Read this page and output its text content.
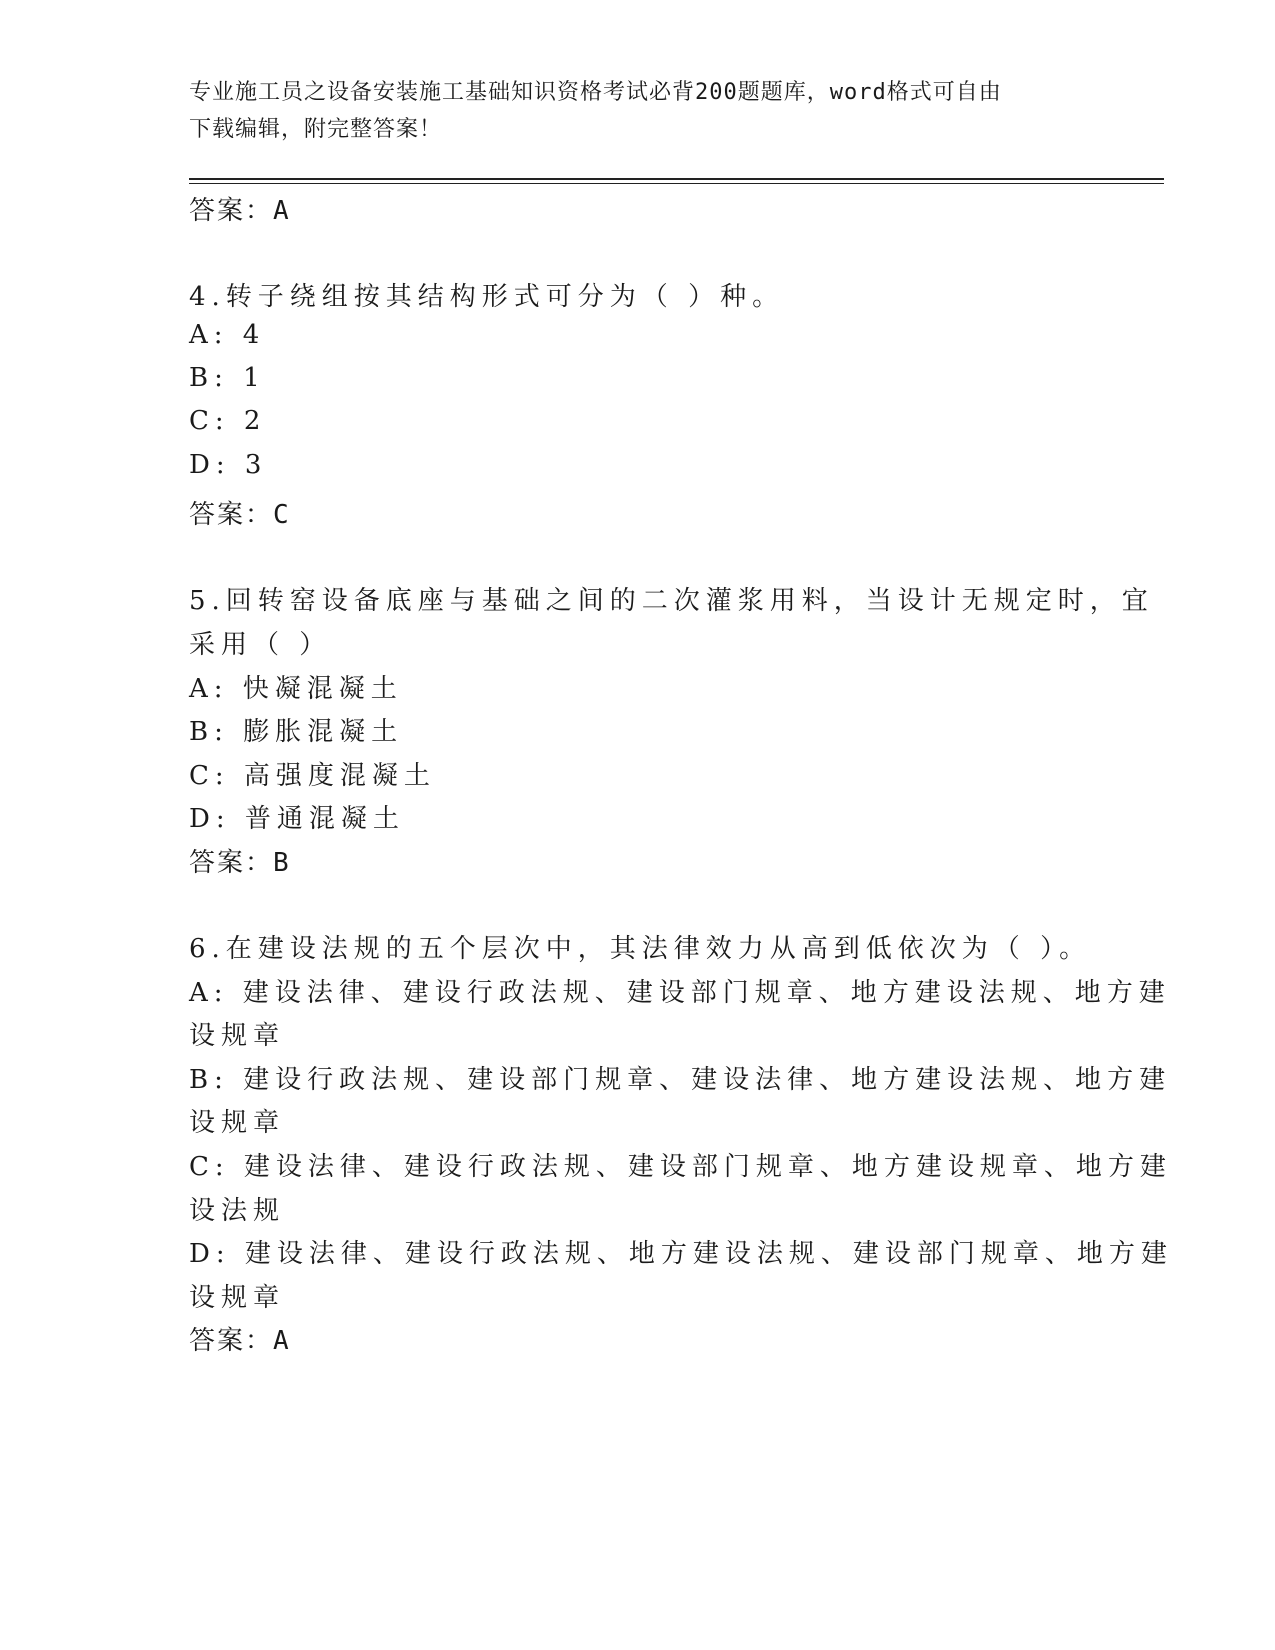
专业施工员之设备安装施工基础知识资格考试必背200题题库，word格式可自由
下载编辑，附完整答案！
答案：A
4.转子绕组按其结构形式可分为（ ）种。
A: 4
B: 1
C: 2
D: 3
答案：C
5.回转窑设备底座与基础之间的二次灌浆用料，当设计无规定时，宜
采用（ ）
A: 快凝混凝土
B: 膨胀混凝土
C: 高强度混凝土
D: 普通混凝土
答案：B
6.在建设法规的五个层次中，其法律效力从高到低依次为（ ）。
A: 建设法律、建设行政法规、建设部门规章、地方建设法规、地方建
设规章
B: 建设行政法规、建设部门规章、建设法律、地方建设法规、地方建
设规章
C: 建设法律、建设行政法规、建设部门规章、地方建设规章、地方建
设法规
D: 建设法律、建设行政法规、地方建设法规、建设部门规章、地方建
设规章
答案：A
